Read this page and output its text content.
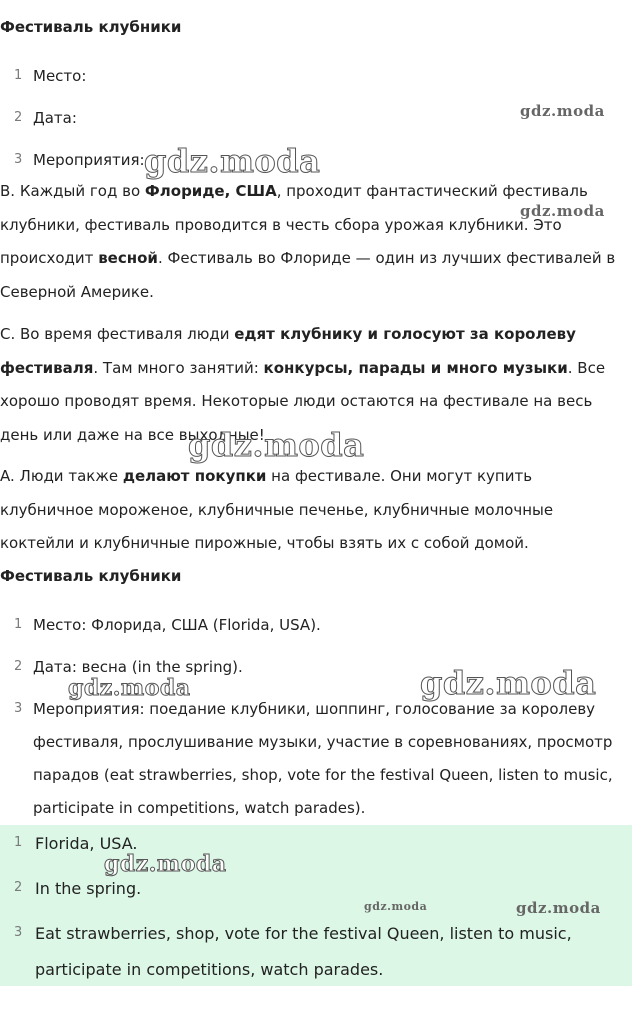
Фестиваль клубники
1 Место:
2 Дата:
3 Мероприятия:
B. Каждый год во Флориде, США, проходит фантастический фестиваль клубники, фестиваль проводится в честь сбора урожая клубники. Это происходит весной. Фестиваль во Флориде — один из лучших фестивалей в Северной Америке.
C. Во время фестиваля люди едят клубнику и голосуют за королеву фестиваля. Там много занятий: конкурсы, парады и много музыки. Все хорошо проводят время. Некоторые люди остаются на фестивале на весь день или даже на все выходные!
A. Люди также делают покупки на фестивале. Они могут купить клубничное мороженое, клубничные печенье, клубничные молочные коктейли и клубничные пирожные, чтобы взять их с собой домой.
Фестиваль клубники
1 Место: Флорида, США (Florida, USA).
2 Дата: весна (in the spring).
3 Мероприятия: поедание клубники, шоппинг, голосование за королеву фестиваля, прослушивание музыки, участие в соревнованиях, просмотр парадов (eat strawberries, shop, vote for the festival Queen, listen to music, participate in competitions, watch parades).
1 Florida, USA.
2 In the spring.
3 Eat strawberries, shop, vote for the festival Queen, listen to music, participate in competitions, watch parades.
gdz.moda
gdz.moda
gdz.moda
gdz.moda
gdz.moda	gdz.moda
gdz.moda
gdz.moda	gdz.moda
